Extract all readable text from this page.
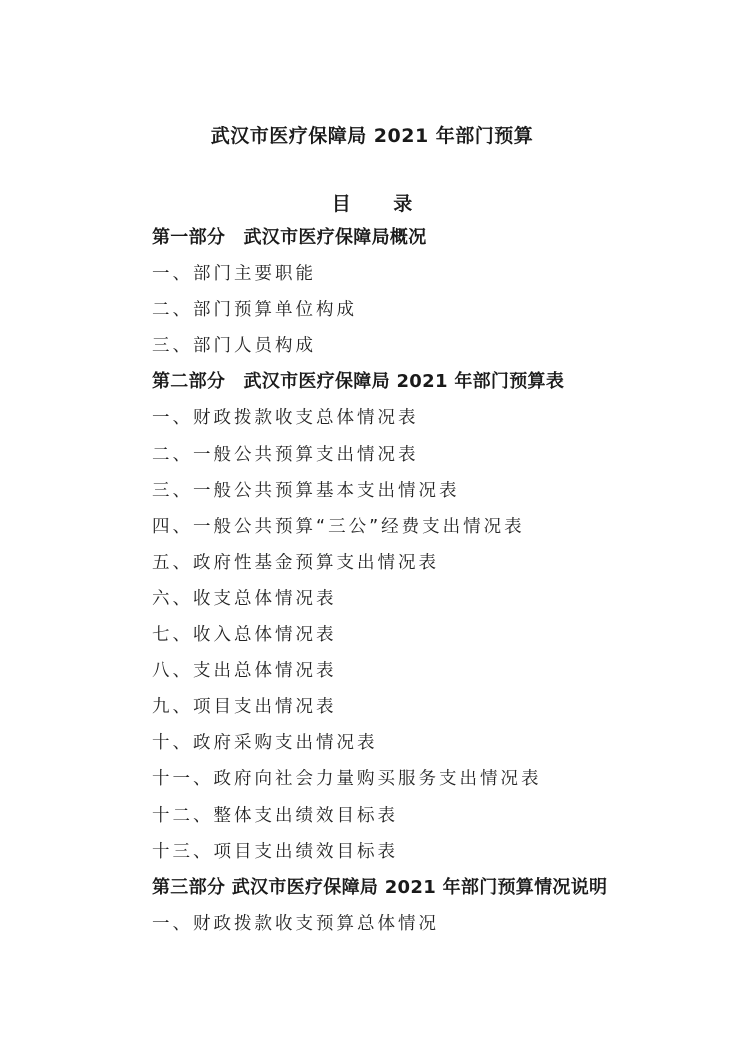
武汉市医疗保障局 2021 年部门预算
目 录
第一部分　武汉市医疗保障局概况
一、部门主要职能
二、部门预算单位构成
三、部门人员构成
第二部分　武汉市医疗保障局 2021 年部门预算表
一、财政拨款收支总体情况表
二、一般公共预算支出情况表
三、一般公共预算基本支出情况表
四、一般公共预算“三公”经费支出情况表
五、政府性基金预算支出情况表
六、收支总体情况表
七、收入总体情况表
八、支出总体情况表
九、项目支出情况表
十、政府采购支出情况表
十一、政府向社会力量购买服务支出情况表
十二、整体支出绩效目标表
十三、项目支出绩效目标表
第三部分 武汉市医疗保障局 2021 年部门预算情况说明
一、财政拨款收支预算总体情况
